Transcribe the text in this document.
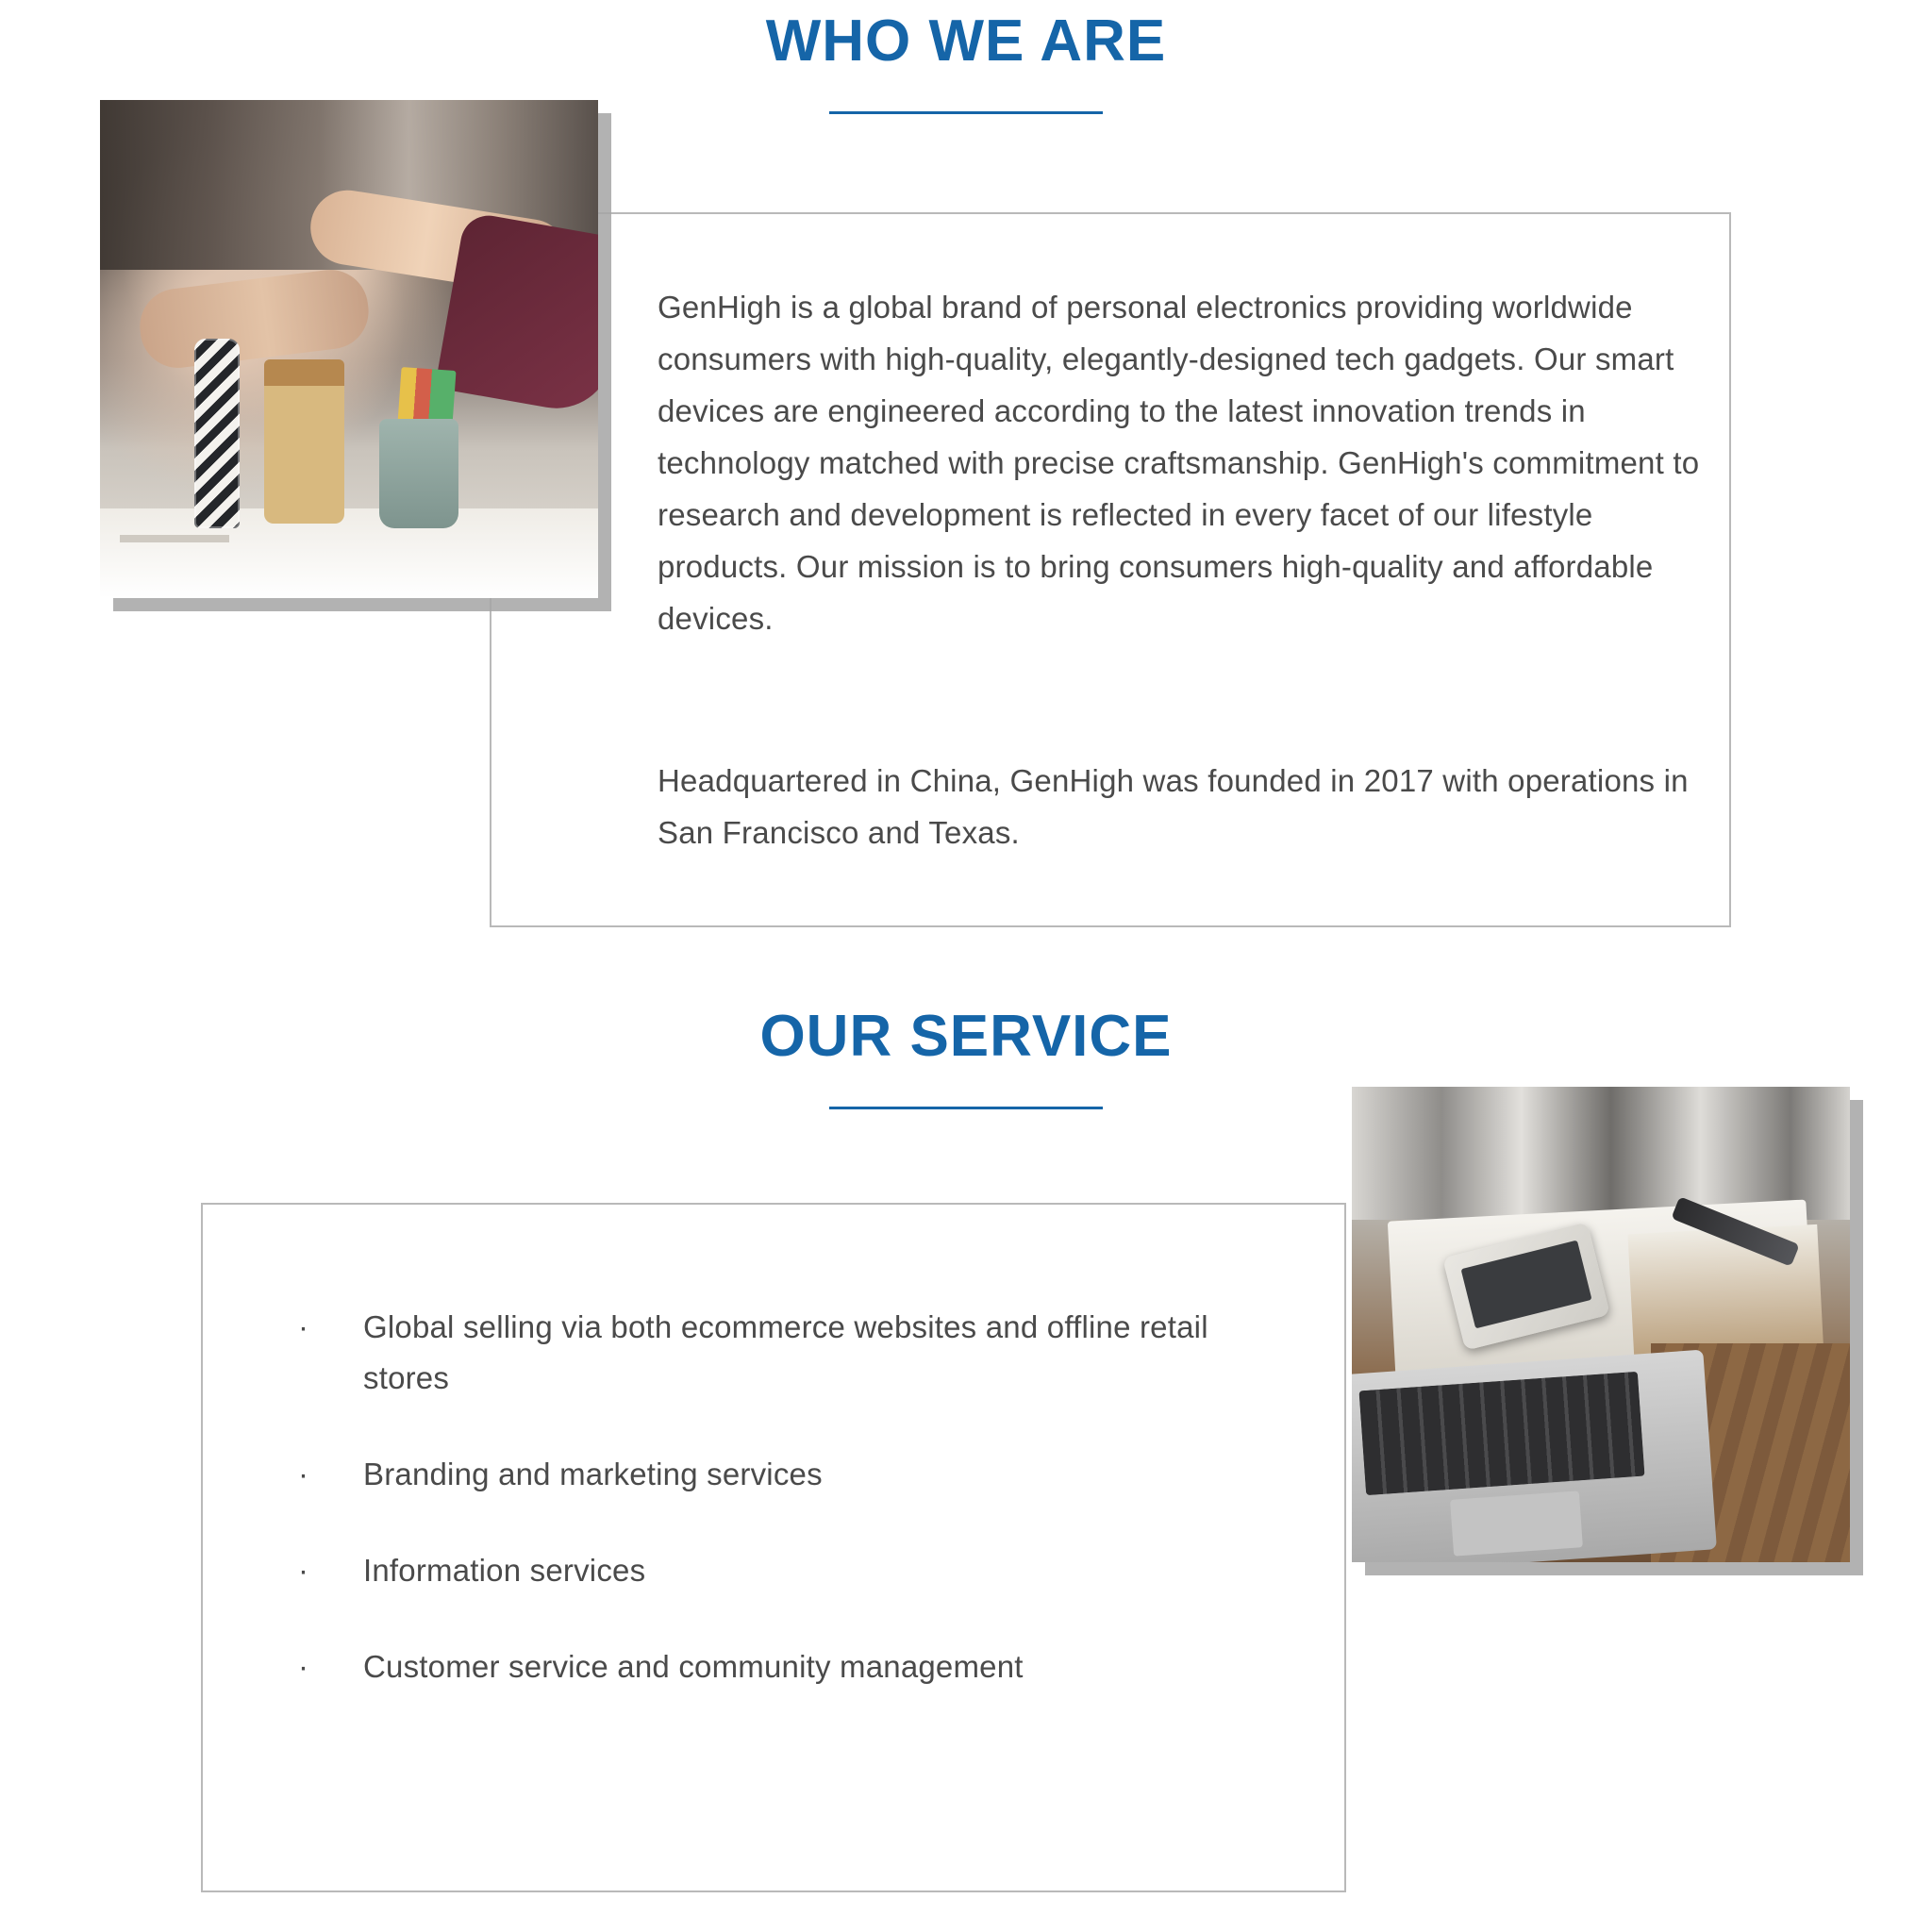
WHO WE ARE
GenHigh is a global brand of personal electronics providing worldwide consumers with high-quality, elegantly-designed tech gadgets. Our smart devices are engineered according to the latest innovation trends in technology matched with precise craftsmanship. GenHigh's commitment to research and development is reflected in every facet of our lifestyle products. Our mission is to bring consumers high-quality and affordable devices.
Headquartered in China, GenHigh was founded in 2017 with operations in San Francisco and Texas.
OUR SERVICE
· Global selling via both ecommerce websites and offline retail stores
· Branding and marketing services
· Information services
· Customer service and community management
